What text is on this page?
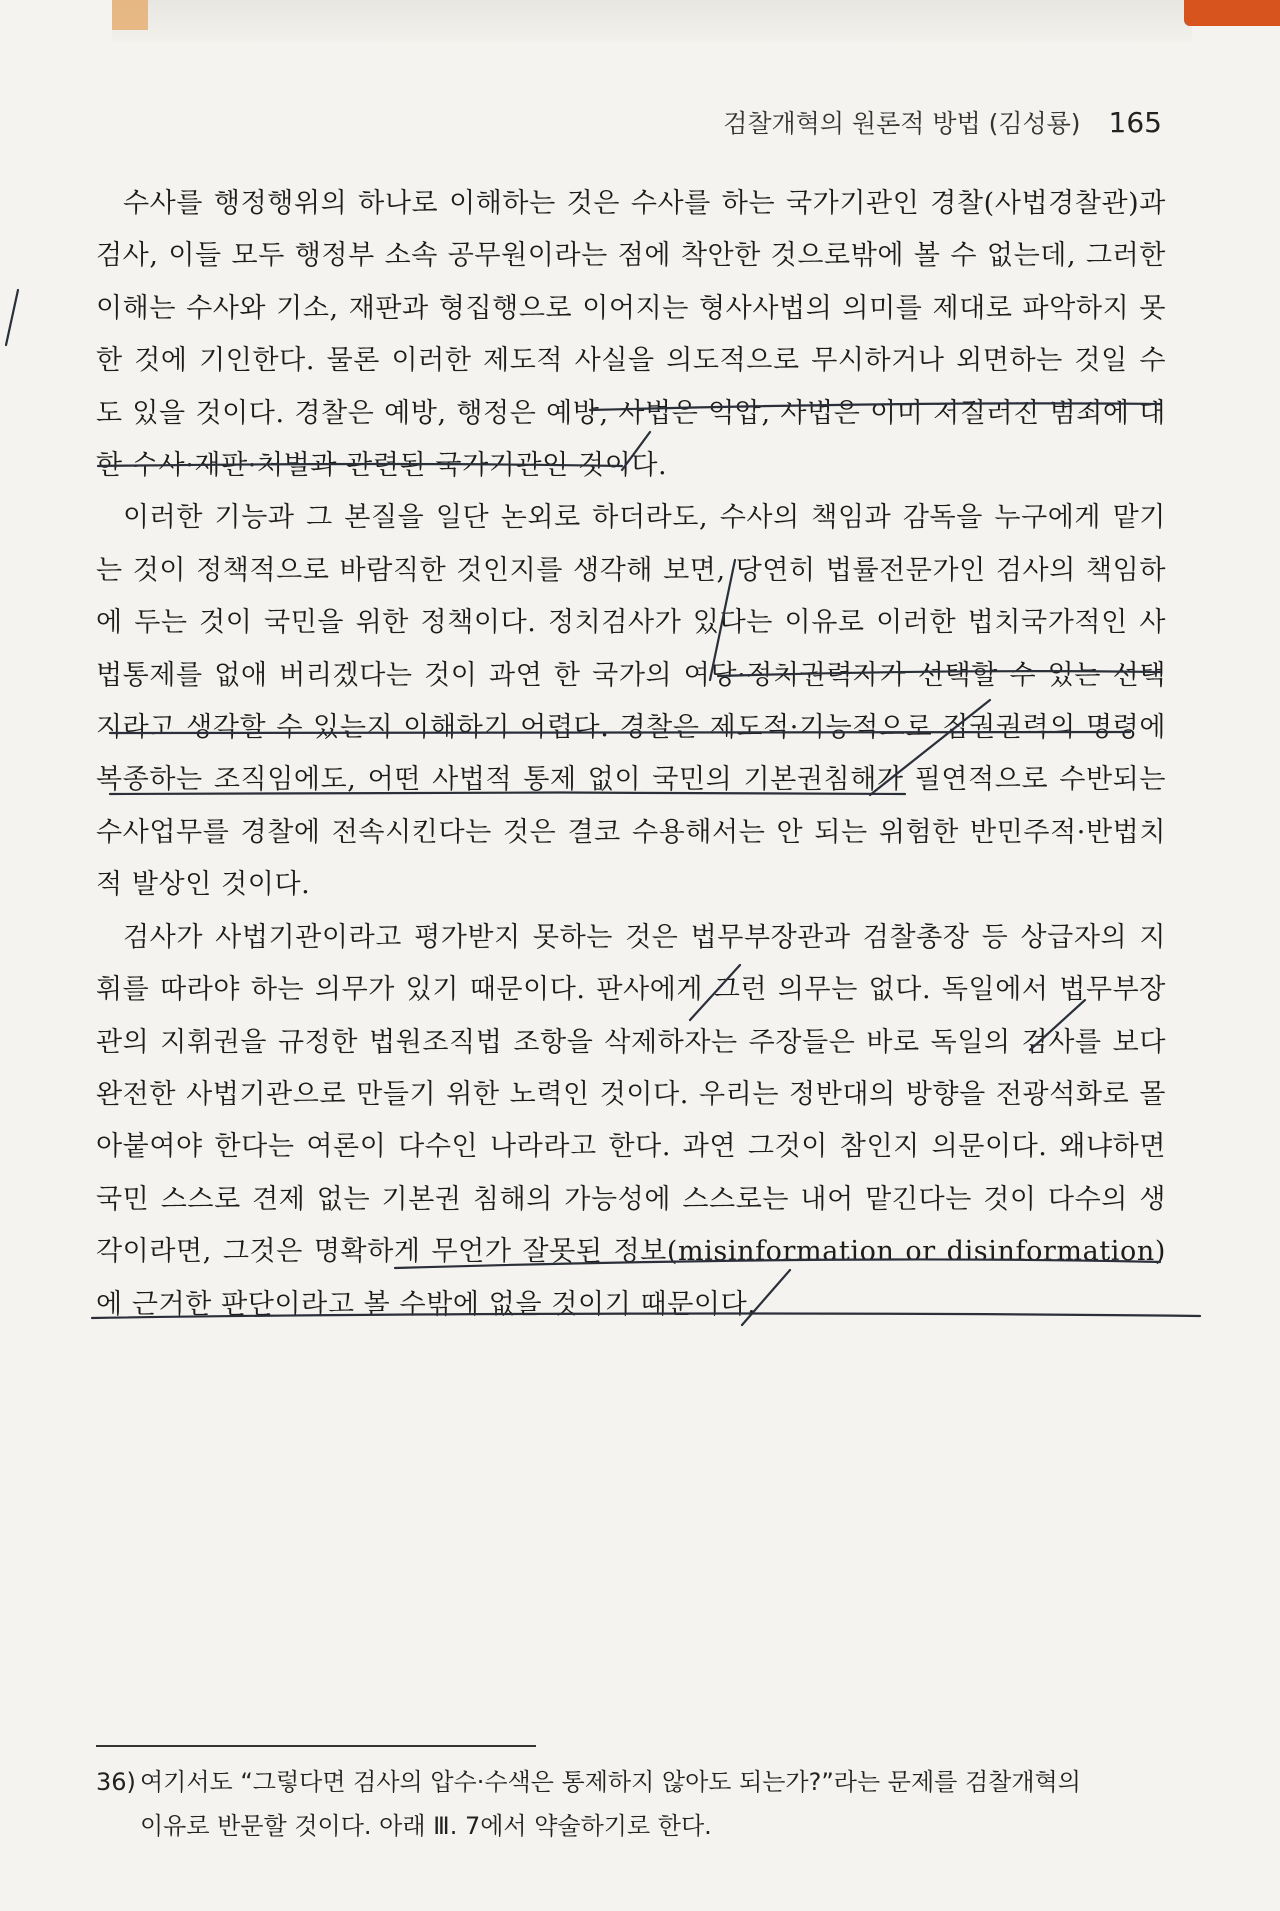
검찰개혁의 원론적 방법 (김성룡) 165

수사를 행정행위의 하나로 이해하는 것은 수사를 하는 국가기관인 경찰(사법경찰관)과 검사, 이들 모두 행정부 소속 공무원이라는 점에 착안한 것으로밖에 볼 수 없는데, 그러한 이해는 수사와 기소, 재판과 형집행으로 이어지는 형사사법의 의미를 제대로 파악하지 못한 것에 기인한다. 물론 이러한 제도적 사실을 의도적으로 무시하거나 외면하는 것일 수도 있을 것이다. 경찰은 예방, 행정은 예방, 사법은 억압, 사법은 이미 저질러진 범죄에 대한 수사·재판·처벌과 관련된 국가기관인 것이다.

이러한 기능과 그 본질을 일단 논외로 하더라도, 수사의 책임과 감독을 누구에게 맡기는 것이 정책적으로 바람직한 것인지를 생각해 보면, 당연히 법률전문가인 검사의 책임하에 두는 것이 국민을 위한 정책이다. 정치검사가 있다는 이유로 이러한 법치국가적인 사법통제를 없애 버리겠다는 것이 과연 한 국가의 여당·정치권력자가 선택할 수 있는 선택지라고 생각할 수 있는지 이해하기 어렵다. 경찰은 제도적·기능적으로 집권권력의 명령에 복종하는 조직임에도, 어떤 사법적 통제 없이 국민의 기본권침해가 필연적으로 수반되는 수사업무를 경찰에 전속시킨다는 것은 결코 수용해서는 안 되는 위험한 반민주적·반법치적 발상인 것이다.

검사가 사법기관이라고 평가받지 못하는 것은 법무부장관과 검찰총장 등 상급자의 지휘를 따라야 하는 의무가 있기 때문이다. 판사에게 그런 의무는 없다. 독일에서 법무부장관의 지휘권을 규정한 법원조직법 조항을 삭제하자는 주장들은 바로 독일의 검사를 보다 완전한 사법기관으로 만들기 위한 노력인 것이다. 우리는 정반대의 방향을 전광석화로 몰아붙여야 한다는 여론이 다수인 나라라고 한다. 과연 그것이 참인지 의문이다. 왜냐하면 국민 스스로 견제 없는 기본권 침해의 가능성에 스스로는 내어 맡긴다는 것이 다수의 생각이라면, 그것은 명확하게 무언가 잘못된 정보(misinformation or disinformation)에 근거한 판단이라고 볼 수밖에 없을 것이기 때문이다.

36) 여기서도 “그렇다면 검사의 압수·수색은 통제하지 않아도 되는가?”라는 문제를 검찰개혁의
이유로 반문할 것이다. 아래 Ⅲ. 7에서 약술하기로 한다.
